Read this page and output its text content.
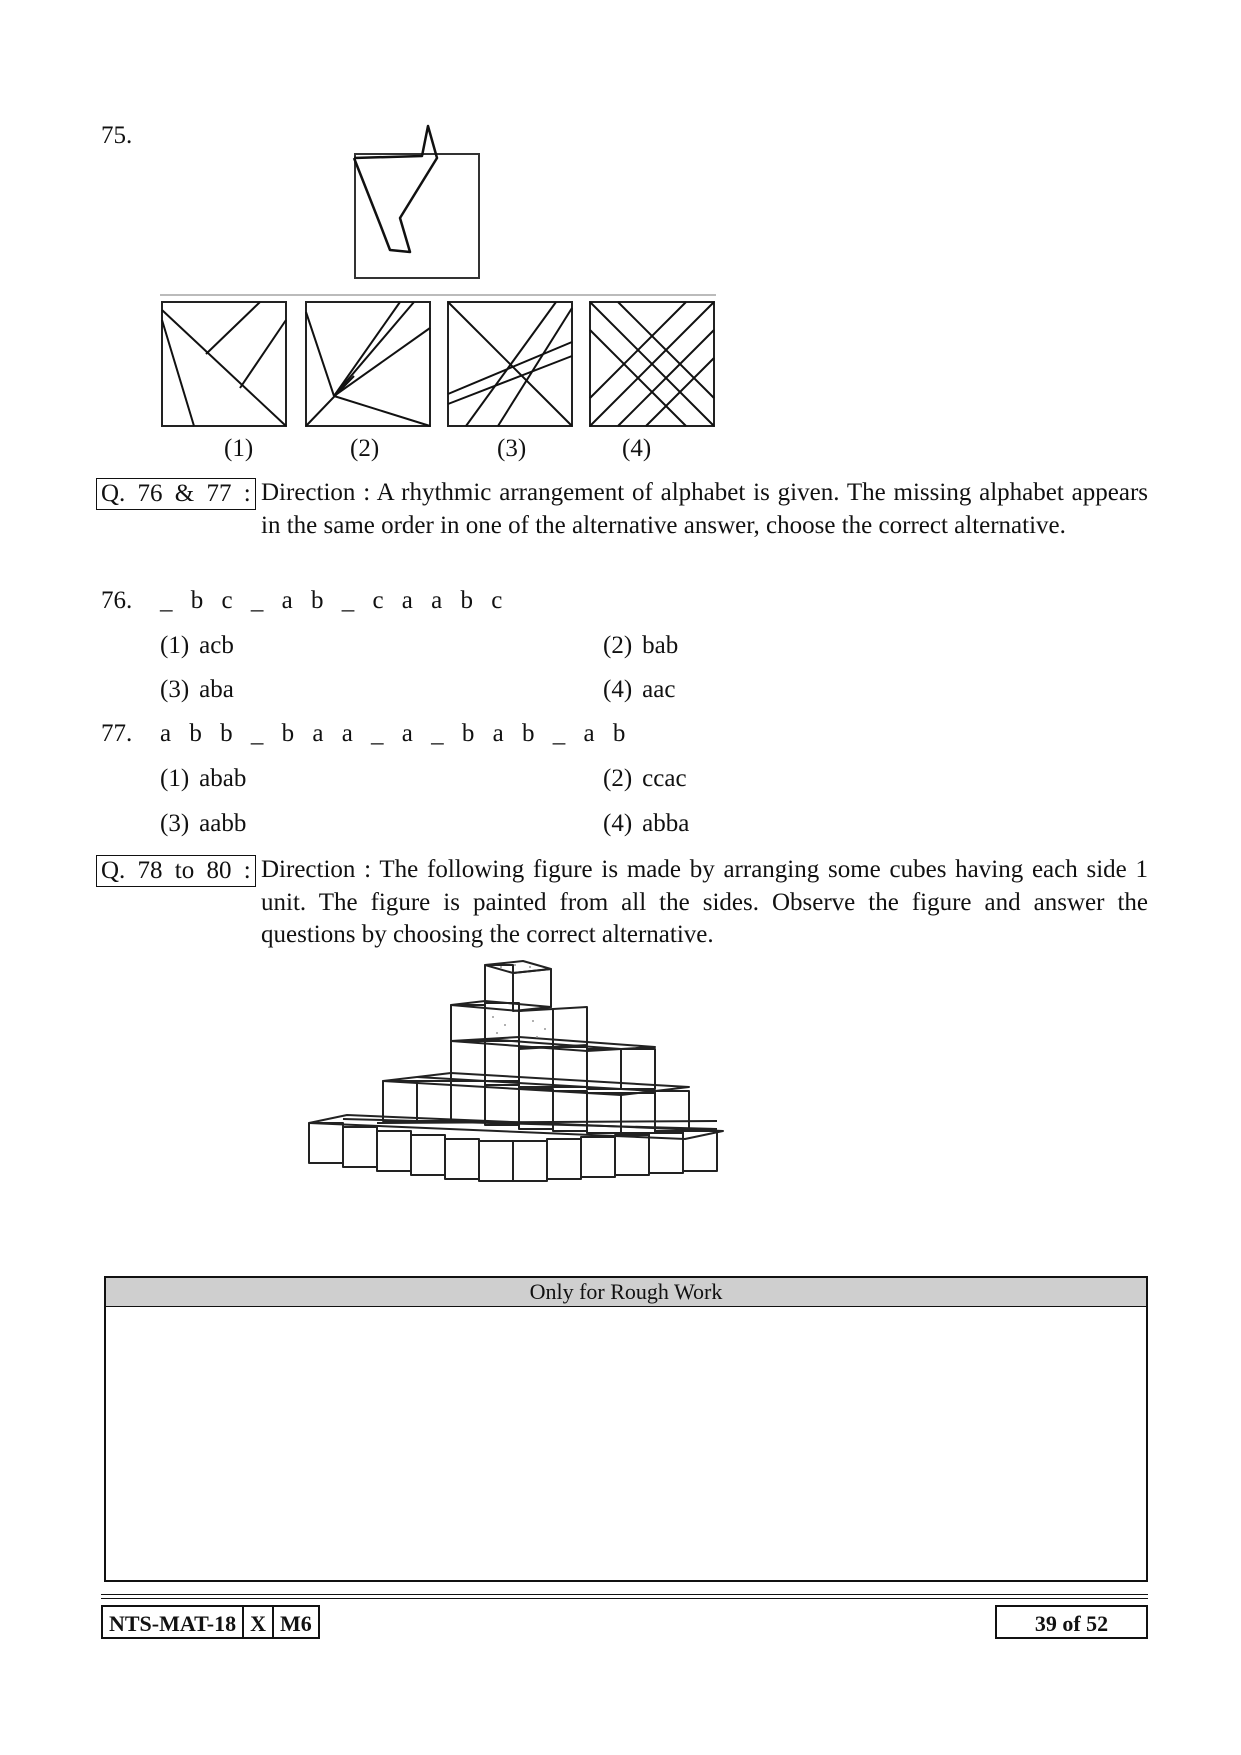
75.
(1)	(2)	(3)	(4)
Q. 76 & 77 : Direction : A rhythmic arrangement of alphabet is given. The missing alphabet appears in the same order in one of the alternative answer, choose the correct alternative.
76. _ b c _ a b _ c a a b c
(1) acb	(2) bab
(3) aba	(4) aac
77. a b b _ b a a _ a _ b a b _ a b
(1) abab	(2) ccac
(3) aabb	(4) abba
Q. 78 to 80 : Direction : The following figure is made by arranging some cubes having each side 1 unit. The figure is painted from all the sides. Observe the figure and answer the questions by choosing the correct alternative.
Only for Rough Work
NTS-MAT-18 X M6	39 of 52
